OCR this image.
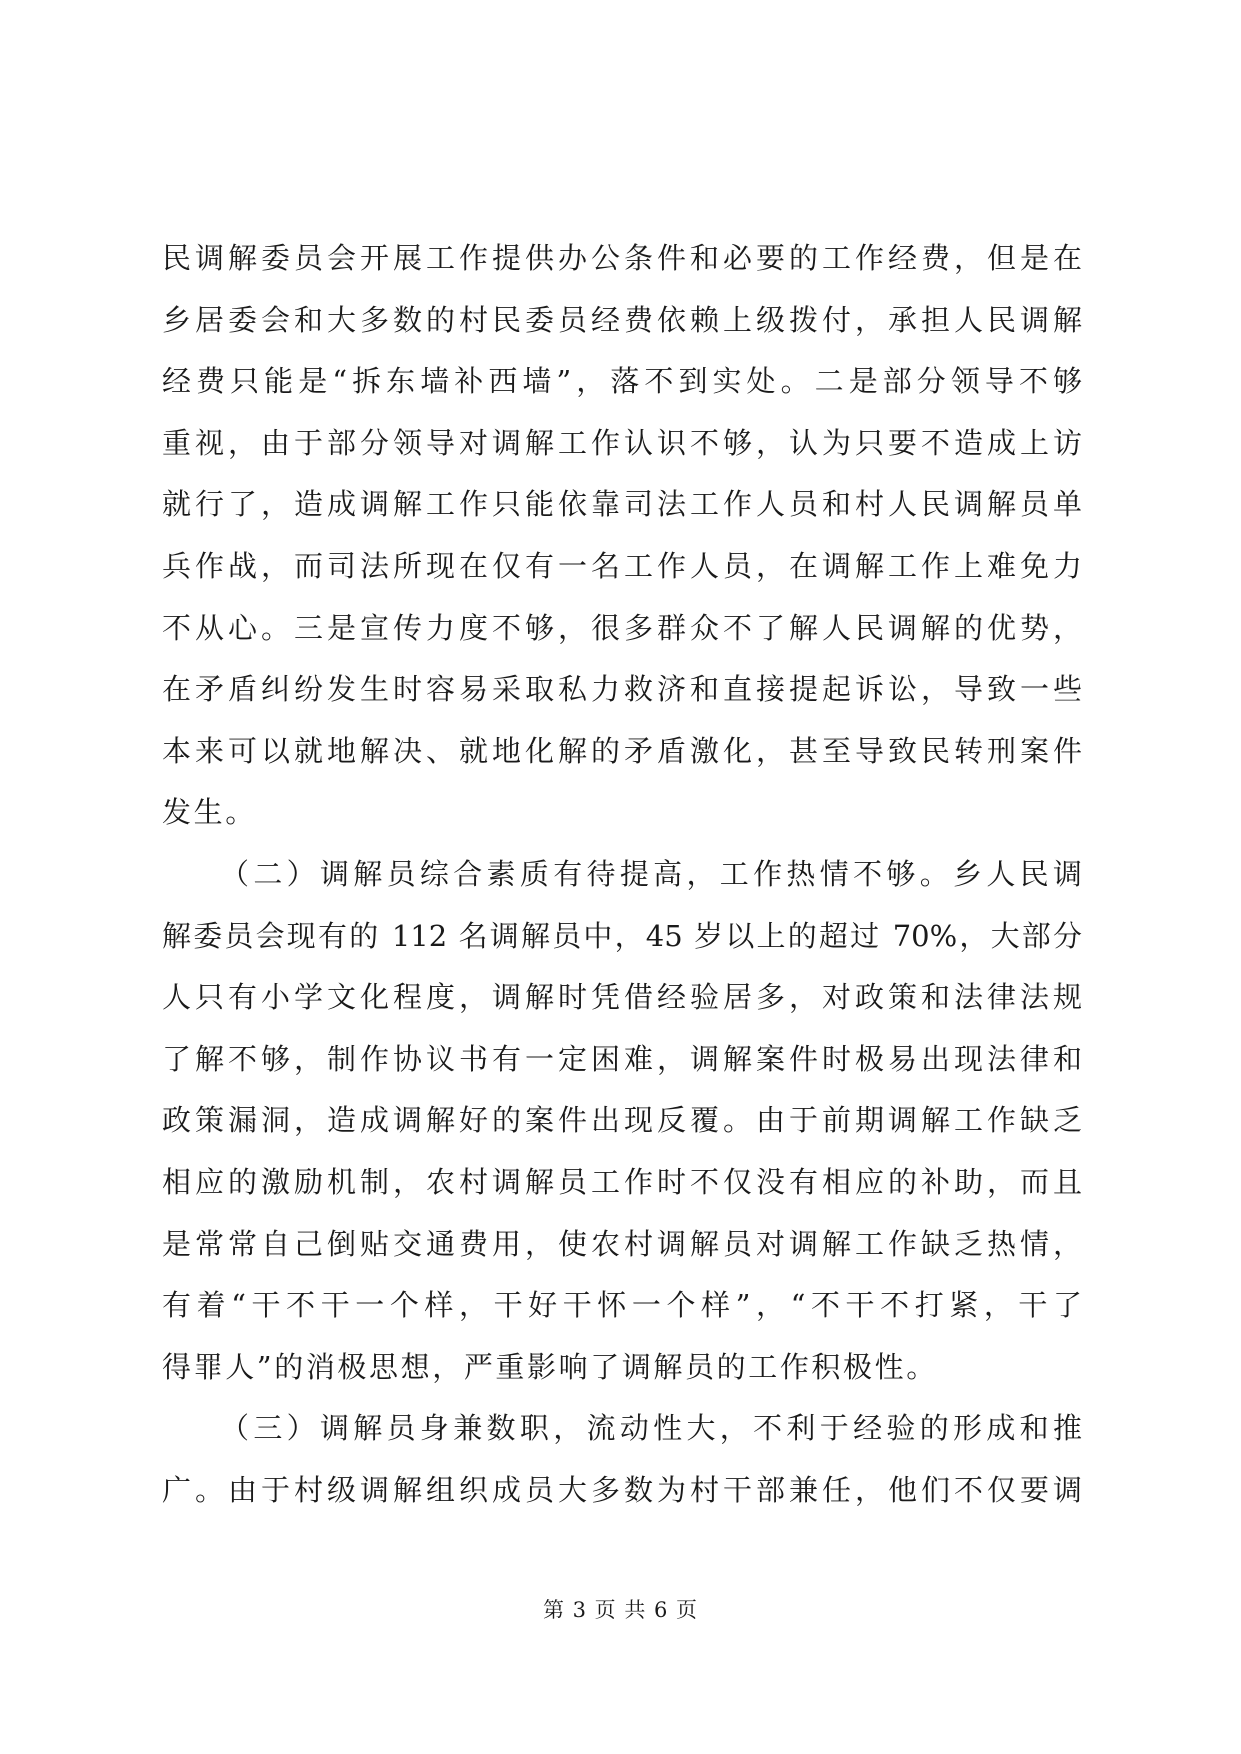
民调解委员会开展工作提供办公条件和必要的工作经费，但是在
乡居委会和大多数的村民委员经费依赖上级拨付，承担人民调解
经费只能是“拆东墙补西墙”，落不到实处。二是部分领导不够
重视，由于部分领导对调解工作认识不够，认为只要不造成上访
就行了，造成调解工作只能依靠司法工作人员和村人民调解员单
兵作战，而司法所现在仅有一名工作人员，在调解工作上难免力
不从心。三是宣传力度不够，很多群众不了解人民调解的优势，
在矛盾纠纷发生时容易采取私力救济和直接提起诉讼，导致一些
本来可以就地解决、就地化解的矛盾激化，甚至导致民转刑案件
发生。
（二）调解员综合素质有待提高，工作热情不够。乡人民调
解委员会现有的 112 名调解员中，45 岁以上的超过 70%，大部分
人只有小学文化程度，调解时凭借经验居多，对政策和法律法规
了解不够，制作协议书有一定困难，调解案件时极易出现法律和
政策漏洞，造成调解好的案件出现反覆。由于前期调解工作缺乏
相应的激励机制，农村调解员工作时不仅没有相应的补助，而且
是常常自己倒贴交通费用，使农村调解员对调解工作缺乏热情，
有着“干不干一个样，干好干怀一个样”，“不干不打紧，干了
得罪人”的消极思想，严重影响了调解员的工作积极性。
（三）调解员身兼数职，流动性大，不利于经验的形成和推
广。由于村级调解组织成员大多数为村干部兼任，他们不仅要调
第 3 页 共 6 页
